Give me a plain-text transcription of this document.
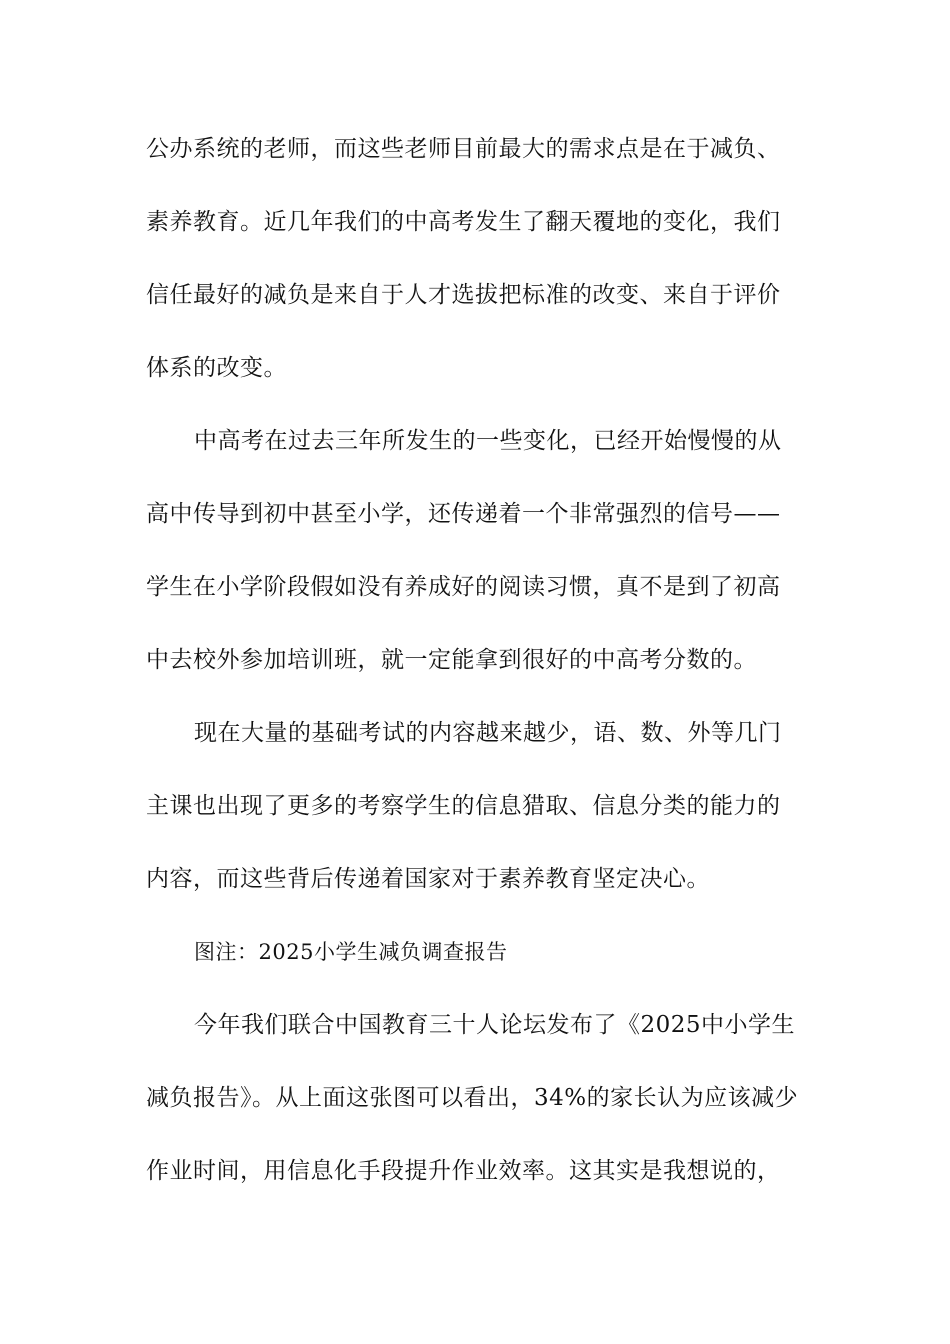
公办系统的老师，而这些老师目前最大的需求点是在于减负、
素养教育。近几年我们的中高考发生了翻天覆地的变化，我们
信任最好的减负是来自于人才选拔把标准的改变、来自于评价
体系的改变。
中高考在过去三年所发生的一些变化，已经开始慢慢的从
高中传导到初中甚至小学，还传递着一个非常强烈的信号——
学生在小学阶段假如没有养成好的阅读习惯，真不是到了初高
中去校外参加培训班，就一定能拿到很好的中高考分数的。
现在大量的基础考试的内容越来越少，语、数、外等几门
主课也出现了更多的考察学生的信息猎取、信息分类的能力的
内容，而这些背后传递着国家对于素养教育坚定决心。
图注：2025小学生减负调查报告
今年我们联合中国教育三十人论坛发布了《2025中小学生
减负报告》。从上面这张图可以看出，34%的家长认为应该减少
作业时间，用信息化手段提升作业效率。这其实是我想说的，
